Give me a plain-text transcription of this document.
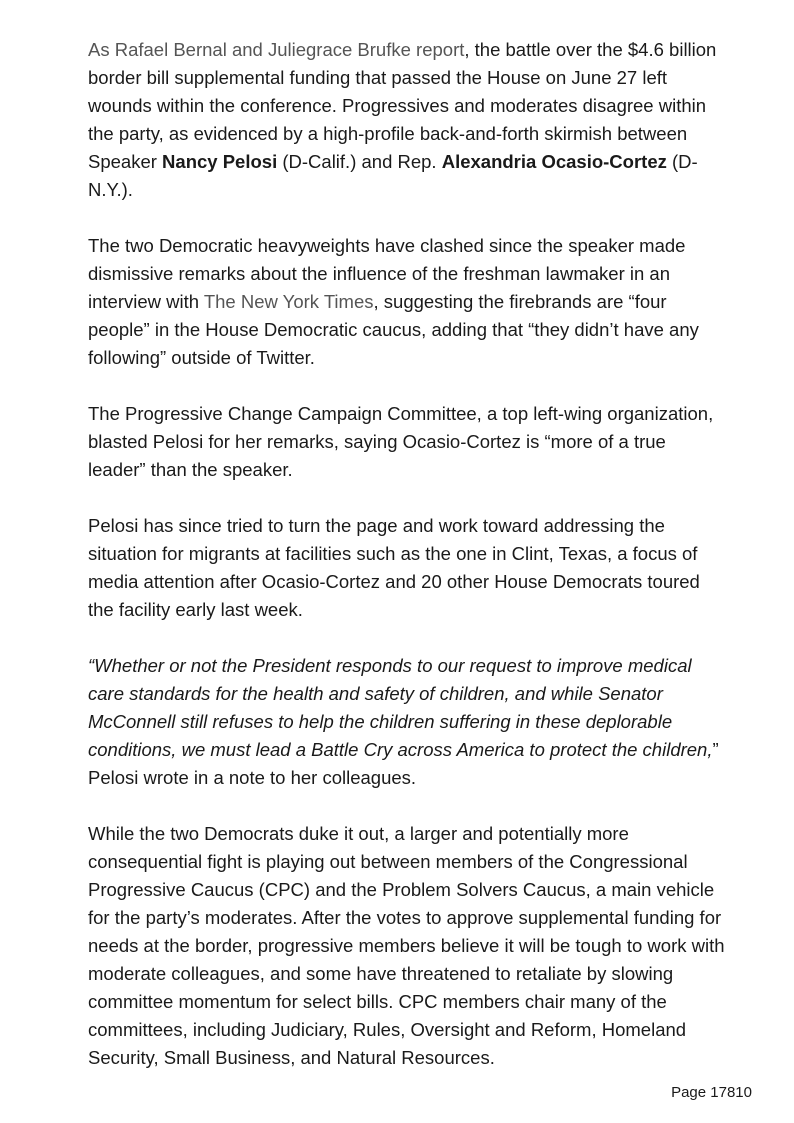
As Rafael Bernal and Juliegrace Brufke report, the battle over the $4.6 billion border bill supplemental funding that passed the House on June 27 left wounds within the conference. Progressives and moderates disagree within the party, as evidenced by a high-profile back-and-forth skirmish between Speaker Nancy Pelosi (D-Calif.) and Rep. Alexandria Ocasio-Cortez (D-N.Y.).

The two Democratic heavyweights have clashed since the speaker made dismissive remarks about the influence of the freshman lawmaker in an interview with The New York Times, suggesting the firebrands are “four people” in the House Democratic caucus, adding that “they didn’t have any following” outside of Twitter.

The Progressive Change Campaign Committee, a top left-wing organization, blasted Pelosi for her remarks, saying Ocasio-Cortez is “more of a true leader” than the speaker.

Pelosi has since tried to turn the page and work toward addressing the situation for migrants at facilities such as the one in Clint, Texas, a focus of media attention after Ocasio-Cortez and 20 other House Democrats toured the facility early last week.

“Whether or not the President responds to our request to improve medical care standards for the health and safety of children, and while Senator McConnell still refuses to help the children suffering in these deplorable conditions, we must lead a Battle Cry across America to protect the children,” Pelosi wrote in a note to her colleagues.

While the two Democrats duke it out, a larger and potentially more consequential fight is playing out between members of the Congressional Progressive Caucus (CPC) and the Problem Solvers Caucus, a main vehicle for the party’s moderates. After the votes to approve supplemental funding for needs at the border, progressive members believe it will be tough to work with moderate colleagues, and some have threatened to retaliate by slowing committee momentum for select bills. CPC members chair many of the committees, including Judiciary, Rules, Oversight and Reform, Homeland Security, Small Business, and Natural Resources.

Page 17810
